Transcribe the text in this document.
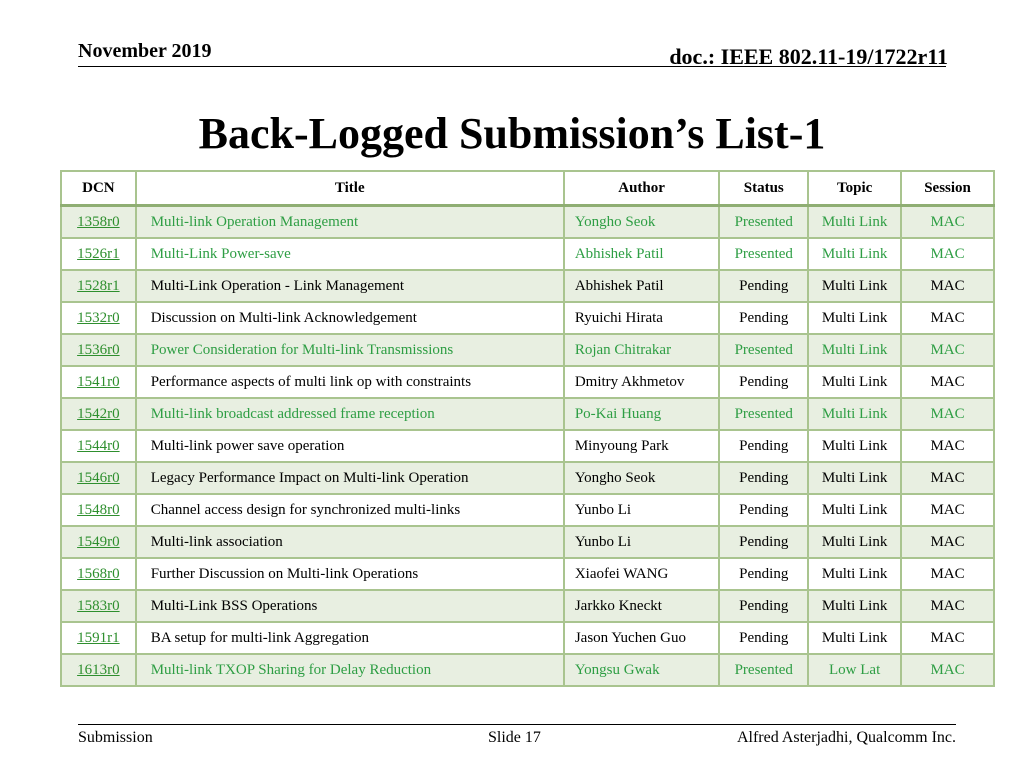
November 2019	doc.: IEEE 802.11-19/1722r11
Back-Logged Submission’s List-1
DCN	Title	Author	Status	Topic	Session
1358r0	Multi-link Operation Management	Yongho Seok	Presented	Multi Link	MAC
1526r1	Multi-Link Power-save	Abhishek Patil	Presented	Multi Link	MAC
1528r1	Multi-Link Operation - Link Management	Abhishek Patil	Pending	Multi Link	MAC
1532r0	Discussion on Multi-link Acknowledgement	Ryuichi Hirata	Pending	Multi Link	MAC
1536r0	Power Consideration for Multi-link Transmissions	Rojan Chitrakar	Presented	Multi Link	MAC
1541r0	Performance aspects of multi link op with constraints	Dmitry Akhmetov	Pending	Multi Link	MAC
1542r0	Multi-link broadcast addressed frame reception	Po-Kai Huang	Presented	Multi Link	MAC
1544r0	Multi-link power save operation	Minyoung Park	Pending	Multi Link	MAC
1546r0	Legacy Performance Impact on Multi-link Operation	Yongho Seok	Pending	Multi Link	MAC
1548r0	Channel access design for synchronized multi-links	Yunbo Li	Pending	Multi Link	MAC
1549r0	Multi-link association	Yunbo Li	Pending	Multi Link	MAC
1568r0	Further Discussion on Multi-link Operations	Xiaofei WANG	Pending	Multi Link	MAC
1583r0	Multi-Link BSS Operations	Jarkko Kneckt	Pending	Multi Link	MAC
1591r1	BA setup for multi-link Aggregation	Jason Yuchen Guo	Pending	Multi Link	MAC
1613r0	Multi-link TXOP Sharing for Delay Reduction	Yongsu Gwak	Presented	Low Lat	MAC
Submission	Slide 17	Alfred Asterjadhi, Qualcomm Inc.
